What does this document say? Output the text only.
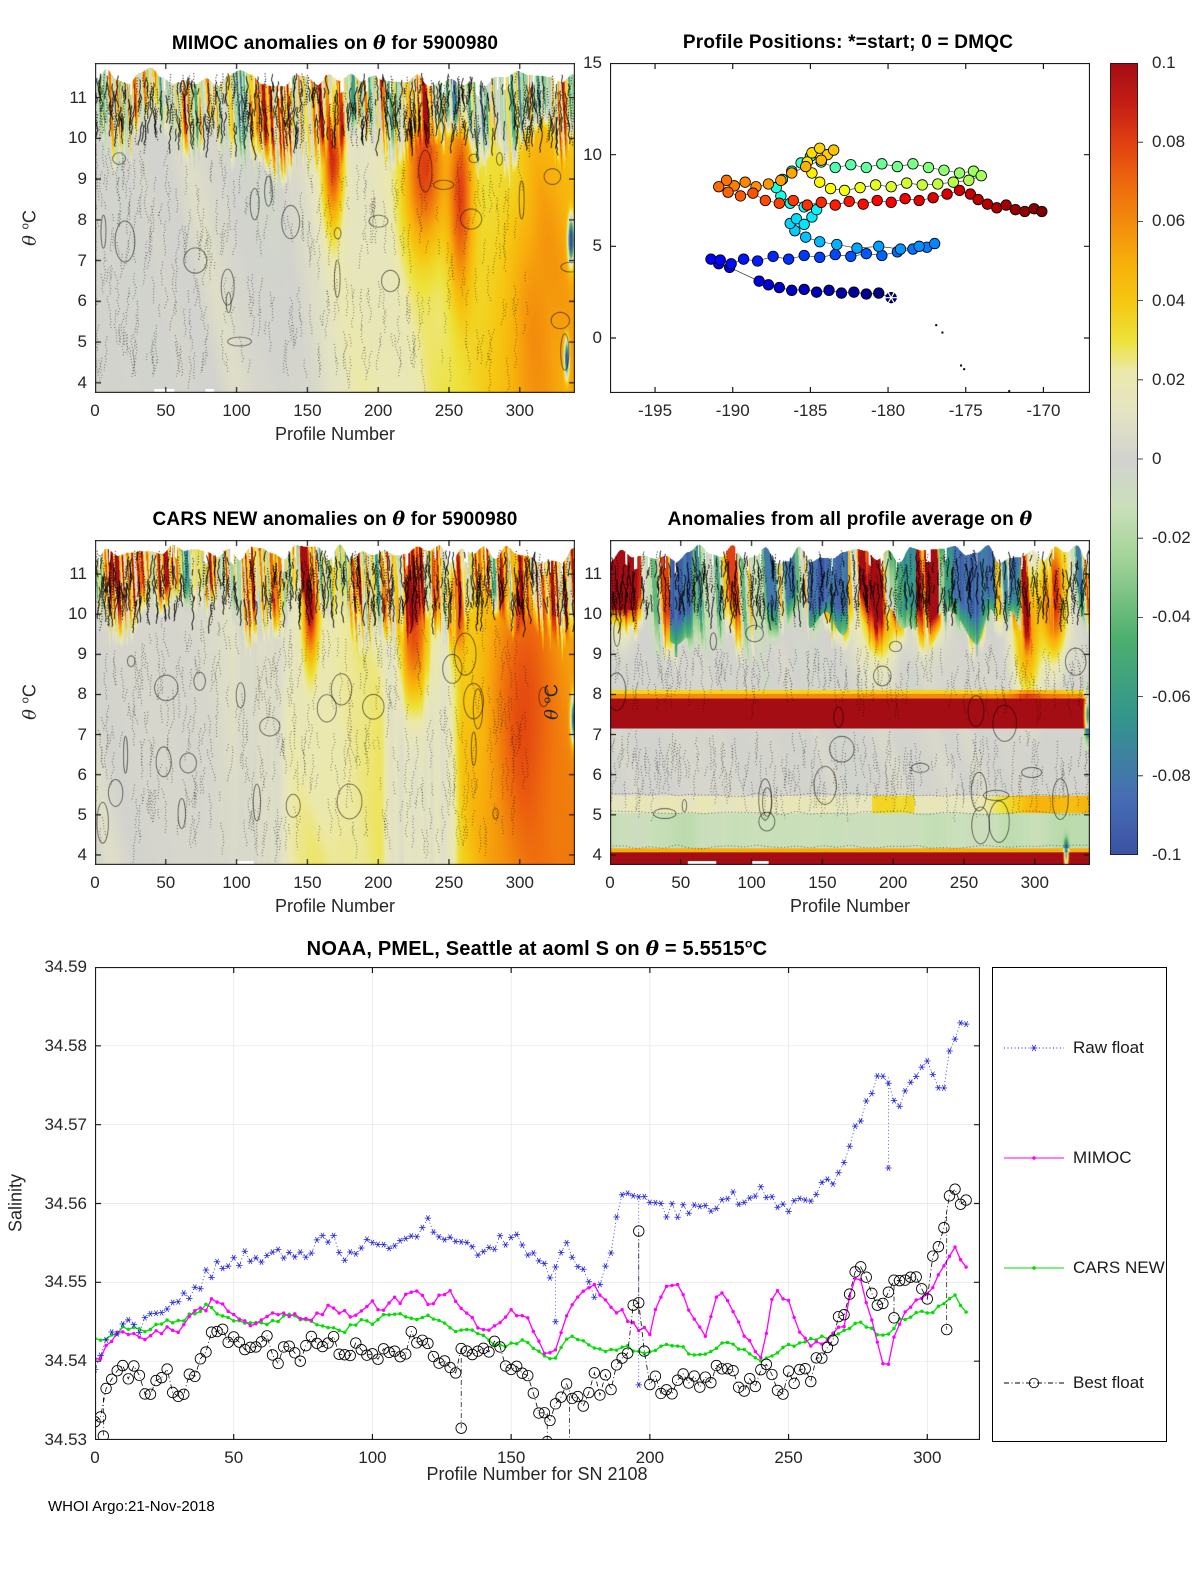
MIMOC anomalies on θ for 5900980	Profile Positions: *=start; 0 = DMQC
CARS NEW anomalies on θ for 5900980	Anomalies from all profile average on θ
NOAA, PMEL, Seattle at aoml S on $\theta = 5.5515^oC$
Profile Number
Profile Number	Profile Number
Profile Number for SN 2108
θ $^o$C
θ $^o$C
θ $^o$C
Salinity
0	50	100 150 200 250 300
4
5
6
7
8
9
10
11
-195	-190	-185	-180	-175	-170
0
5
10
15
0	50	100 150 200 250 300
4
5
6
7
8
9
10
11
0	50	100 150 200 250 300
4
5
6
7
8
9
10
11
0	50	100	150	200	250	300
34.53
34.54
34.55
34.56
34.57
34.58
34.59
0.1
0.08
0.06
0.04
0.02
0
-0.02
-0.04
-0.06
-0.08
-0.1
Raw float
MIMOC
CARS NEW
Best float
WHOI Argo:21-Nov-2018
